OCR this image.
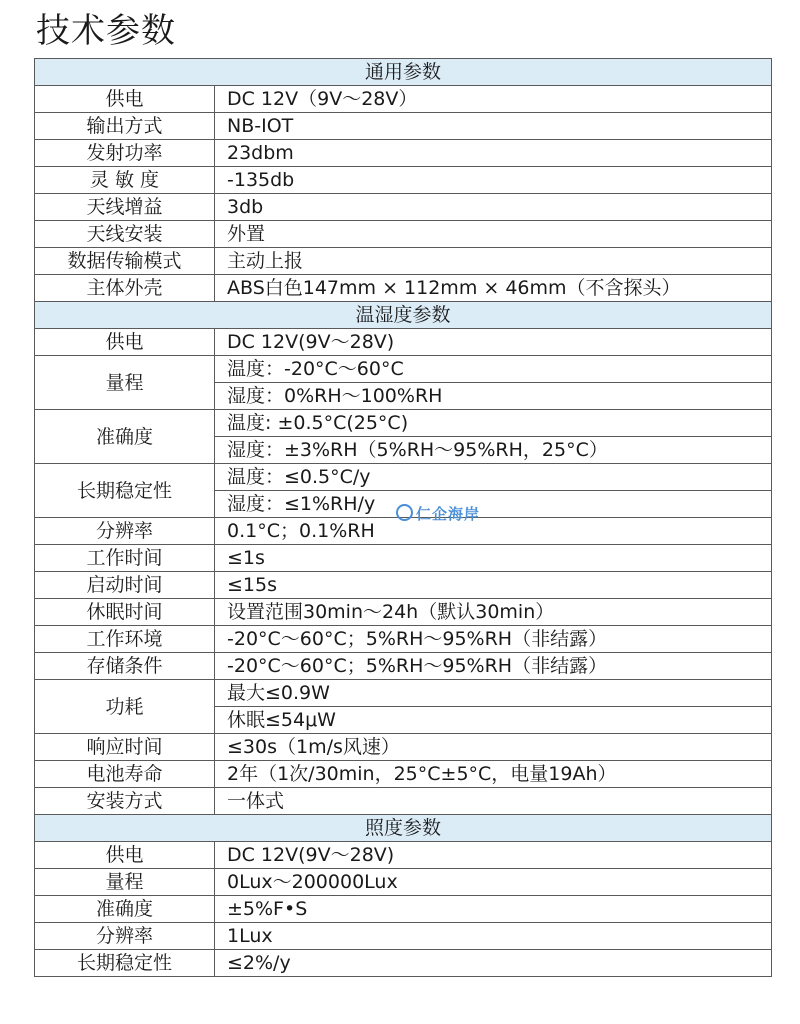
技术参数
通用参数	
供电	DC 12V（9V～28V）
输出方式	NB-IOT
发射功率	23dbm
灵 敏 度	-135db
天线增益	3db
天线安装	外置
数据传输模式	主动上报
主体外壳	ABS白色147mm × 112mm × 46mm（不含探头）
温湿度参数	
供电	DC 12V(9V～28V)
量程	温度：-20°C～60°C
	湿度：0%RH～100%RH
准确度	温度: ±0.5°C(25°C)
	湿度：±3%RH（5%RH～95%RH，25°C）
长期稳定性	温度：≤0.5°C/y
	湿度：≤1%RH/y
分辨率	0.1°C；0.1%RH
工作时间	≤1s
启动时间	≤15s
休眠时间	设置范围30min～24h（默认30min）
工作环境	-20°C～60°C；5%RH～95%RH（非结露）
存储条件	-20°C～60°C；5%RH～95%RH（非结露）
功耗	最大≤0.9W
	休眠≤54μW
响应时间	≤30s（1m/s风速）
电池寿命	2年（1次/30min，25°C±5°C，电量19Ah）
安装方式	一体式
照度参数	
供电	DC 12V(9V～28V)
量程	0Lux～200000Lux
准确度	±5%F•S
分辨率	1Lux
长期稳定性	≤2%/y
仁企海岸
